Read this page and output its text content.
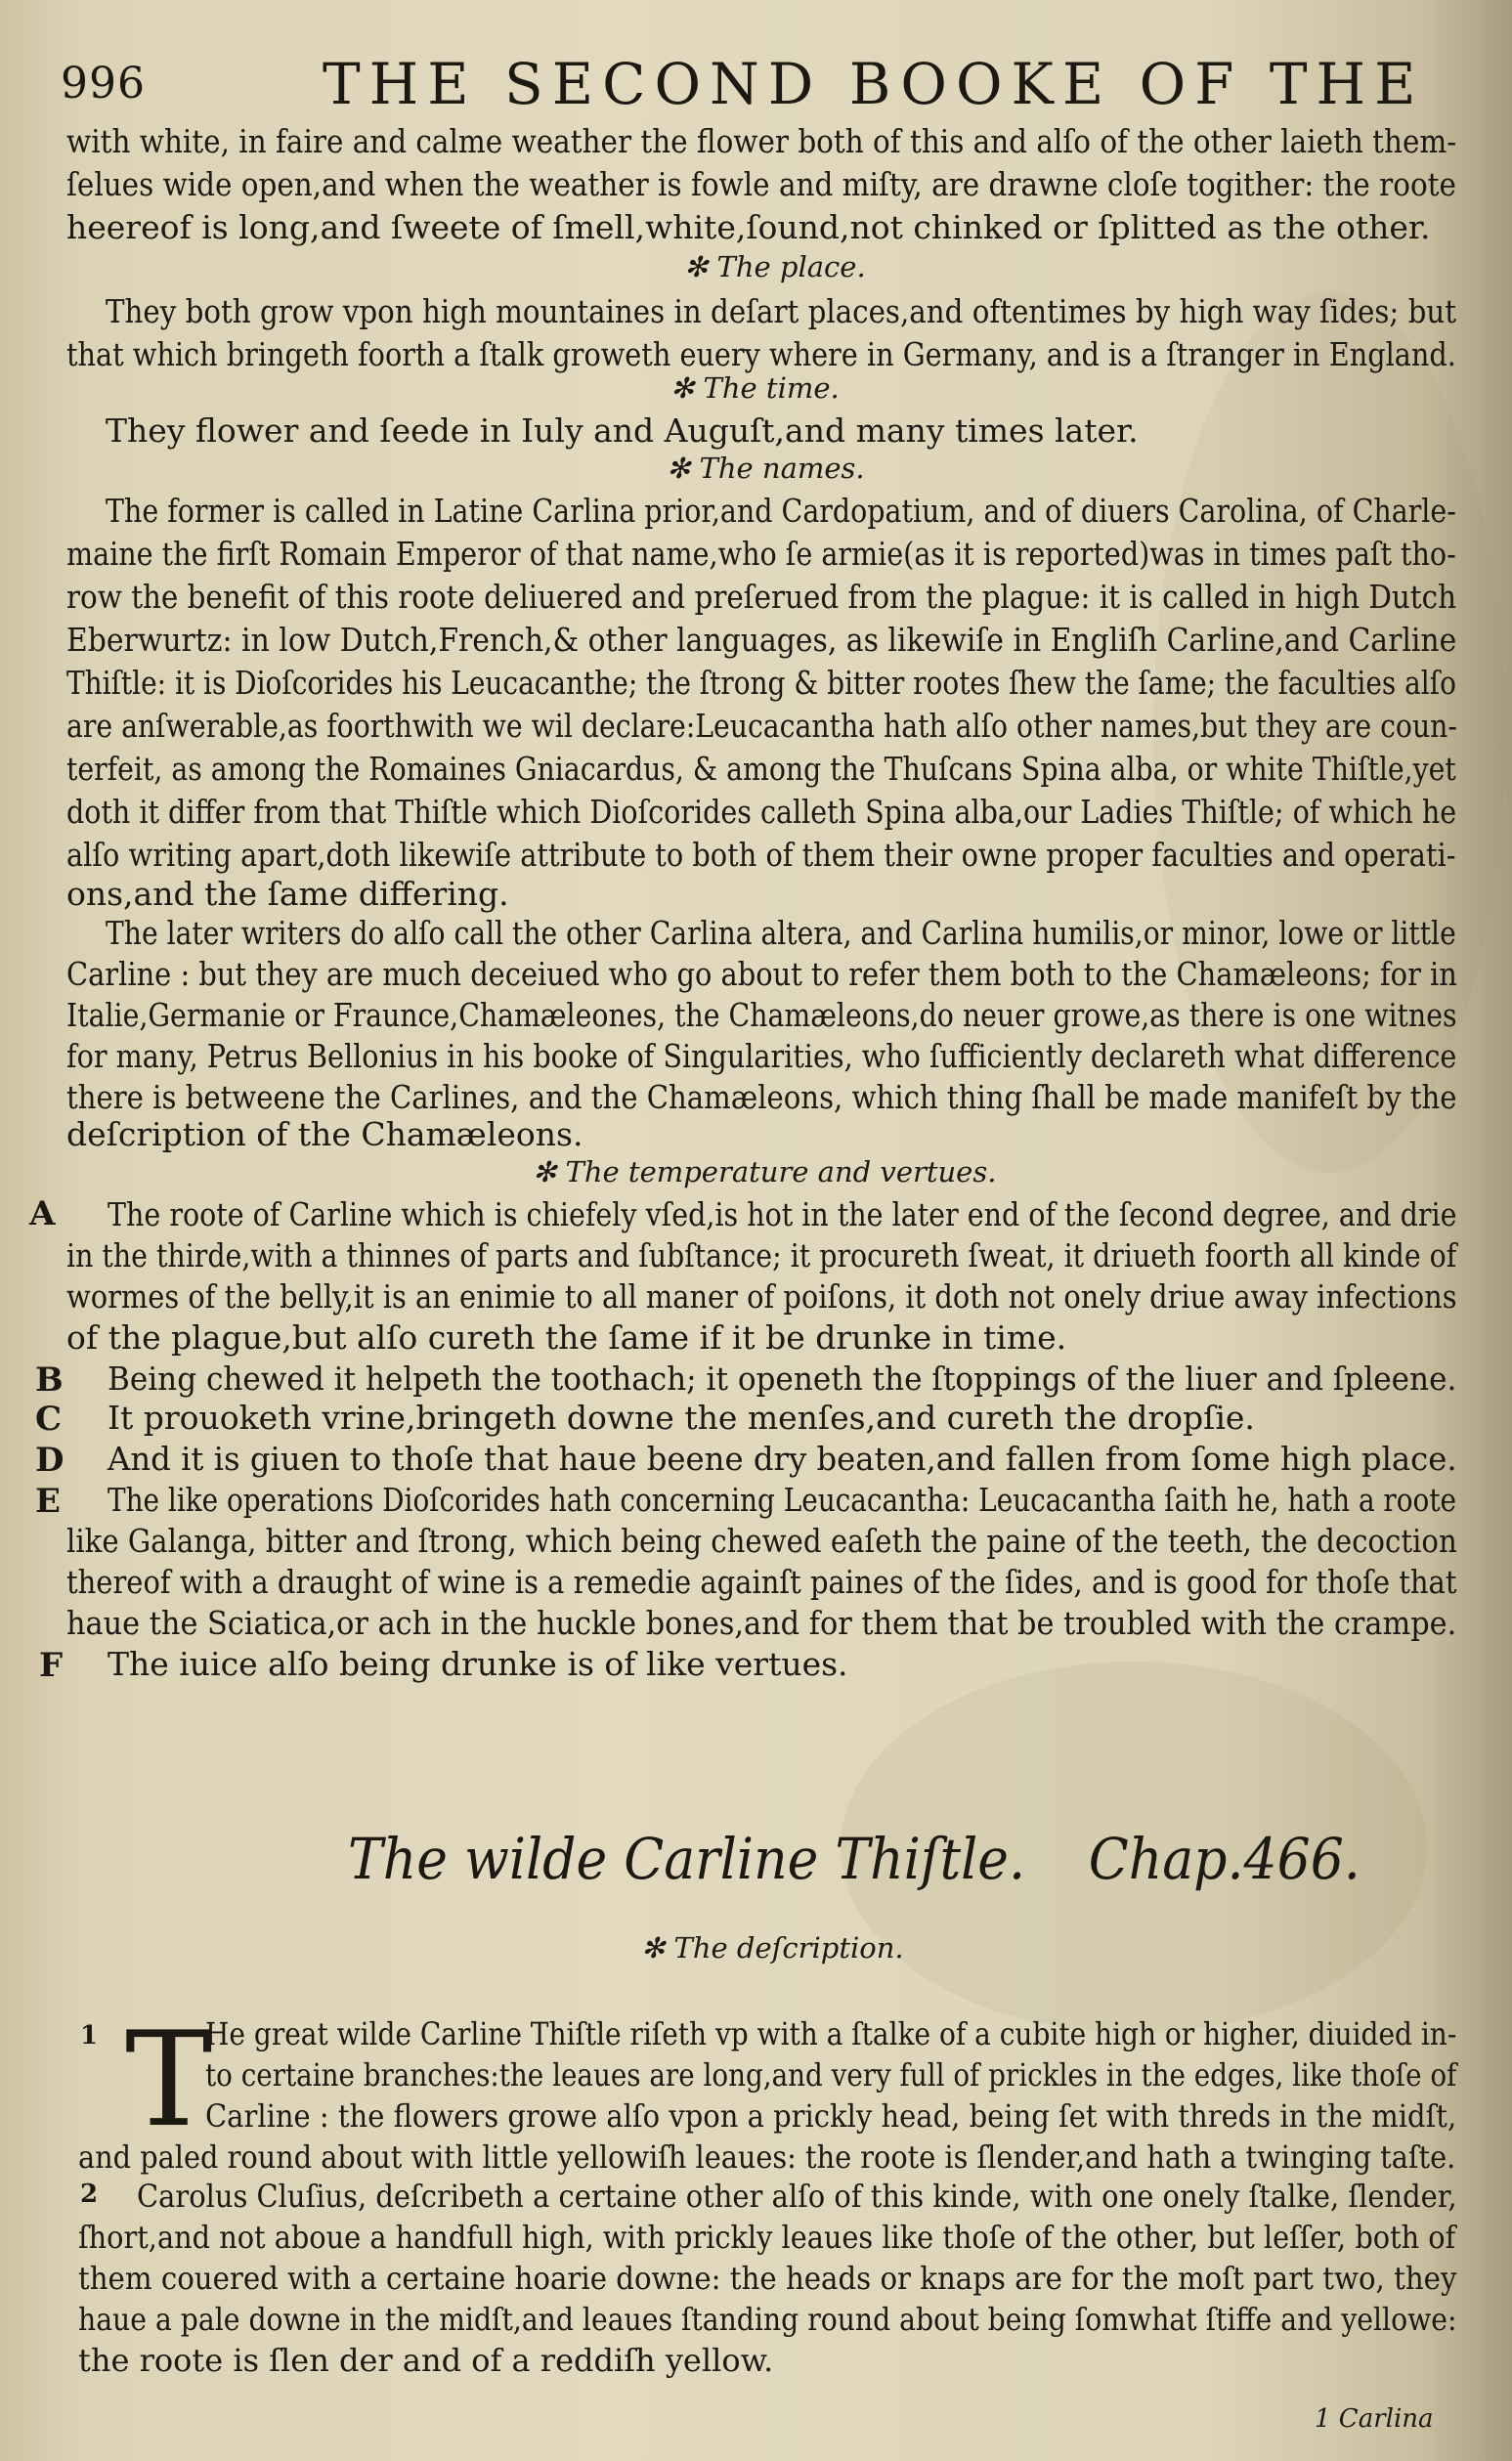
996	THE SECOND BOOKE OF THE
with white, in faire and calme weather the flower both of this and alſo of the other laieth them-
ſelues wide open,and when the weather is fowle and miſty, are drawne cloſe togither: the roote
heereof is long,and ſweete of ſmell,white,ſound,not chinked or ſplitted as the other.
✻ The place.
They both grow vpon high mountaines in deſart places,and oftentimes by high way ſides; but
that which bringeth foorth a ſtalk groweth euery where in Germany, and is a ſtranger in England.
✻ The time.
They flower and ſeede in Iuly and Auguſt,and many times later.
✻ The names.
The former is called in Latine Carlina prior,and Cardopatium, and of diuers Carolina, of Charle-
maine the firſt Romain Emperor of that name,who ſe armie(as it is reported)was in times paſt tho-
row the benefit of this roote deliuered and preſerued from the plague: it is called in high Dutch
Eberwurtz: in low Dutch,French,& other languages, as likewiſe in Engliſh Carline,and Carline
Thiſtle: it is Dioſcorides his Leucacanthe; the ſtrong & bitter rootes ſhew the ſame; the faculties alſo
are anſwerable,as foorthwith we wil declare:Leucacantha hath alſo other names,but they are coun-
terfeit, as among the Romaines Gniacardus, & among the Thuſcans Spina alba, or white Thiſtle,yet
doth it differ from that Thiſtle which Dioſcorides calleth Spina alba,our Ladies Thiſtle; of which he
alſo writing apart,doth likewiſe attribute to both of them their owne proper faculties and operati-
ons,and the ſame differing.
The later writers do alſo call the other Carlina altera, and Carlina humilis,or minor, lowe or little
Carline : but they are much deceiued who go about to refer them both to the Chamæleons; for in
Italie,Germanie or Fraunce,Chamæleones, the Chamæleons,do neuer growe,as there is one witnes
for many, Petrus Bellonius in his booke of Singularities, who ſufficiently declareth what difference
there is betweene the Carlines, and the Chamæleons, which thing ſhall be made manifeſt by the
deſcription of the Chamæleons.
✻ The temperature and vertues.
A The roote of Carline which is chiefely vſed,is hot in the later end of the ſecond degree, and drie
in the thirde,with a thinnes of parts and ſubſtance; it procureth ſweat, it driueth foorth all kinde of
wormes of the belly,it is an enimie to all maner of poiſons, it doth not onely driue away infections
of the plague,but alſo cureth the ſame if it be drunke in time.
B Being chewed it helpeth the toothach; it openeth the ſtoppings of the liuer and ſpleene.
C It prouoketh vrine,bringeth downe the menſes,and cureth the dropſie.
D And it is giuen to thoſe that haue beene dry beaten,and fallen from ſome high place.
E The like operations Dioſcorides hath concerning Leucacantha: Leucacantha ſaith he, hath a roote
like Galanga, bitter and ſtrong, which being chewed eaſeth the paine of the teeth, the decoction
thereof with a draught of wine is a remedie againſt paines of the ſides, and is good for thoſe that
haue the Sciatica,or ach in the huckle bones,and for them that be troubled with the crampe.
F The iuice alſo being drunke is of like vertues.
The wilde Carline Thiſtle. Chap.466.
✻ The deſcription.
1 T
He great wilde Carline Thiſtle riſeth vp with a ſtalke of a cubite high or higher, diuided in-
to certaine branches:the leaues are long,and very full of prickles in the edges, like thoſe of
Carline : the flowers growe alſo vpon a prickly head, being ſet with threds in the midſt,
and paled round about with little yellowiſh leaues: the roote is ſlender,and hath a twinging taſte.
2 Carolus Cluſius, deſcribeth a certaine other alſo of this kinde, with one onely ſtalke, ſlender,
ſhort,and not aboue a handfull high, with prickly leaues like thoſe of the other, but leſſer, both of
them couered with a certaine hoarie downe: the heads or knaps are for the moſt part two, they
haue a pale downe in the midſt,and leaues ſtanding round about being ſomwhat ſtiffe and yellowe:
the roote is ſlen der and of a reddiſh yellow.
1 Carlina
